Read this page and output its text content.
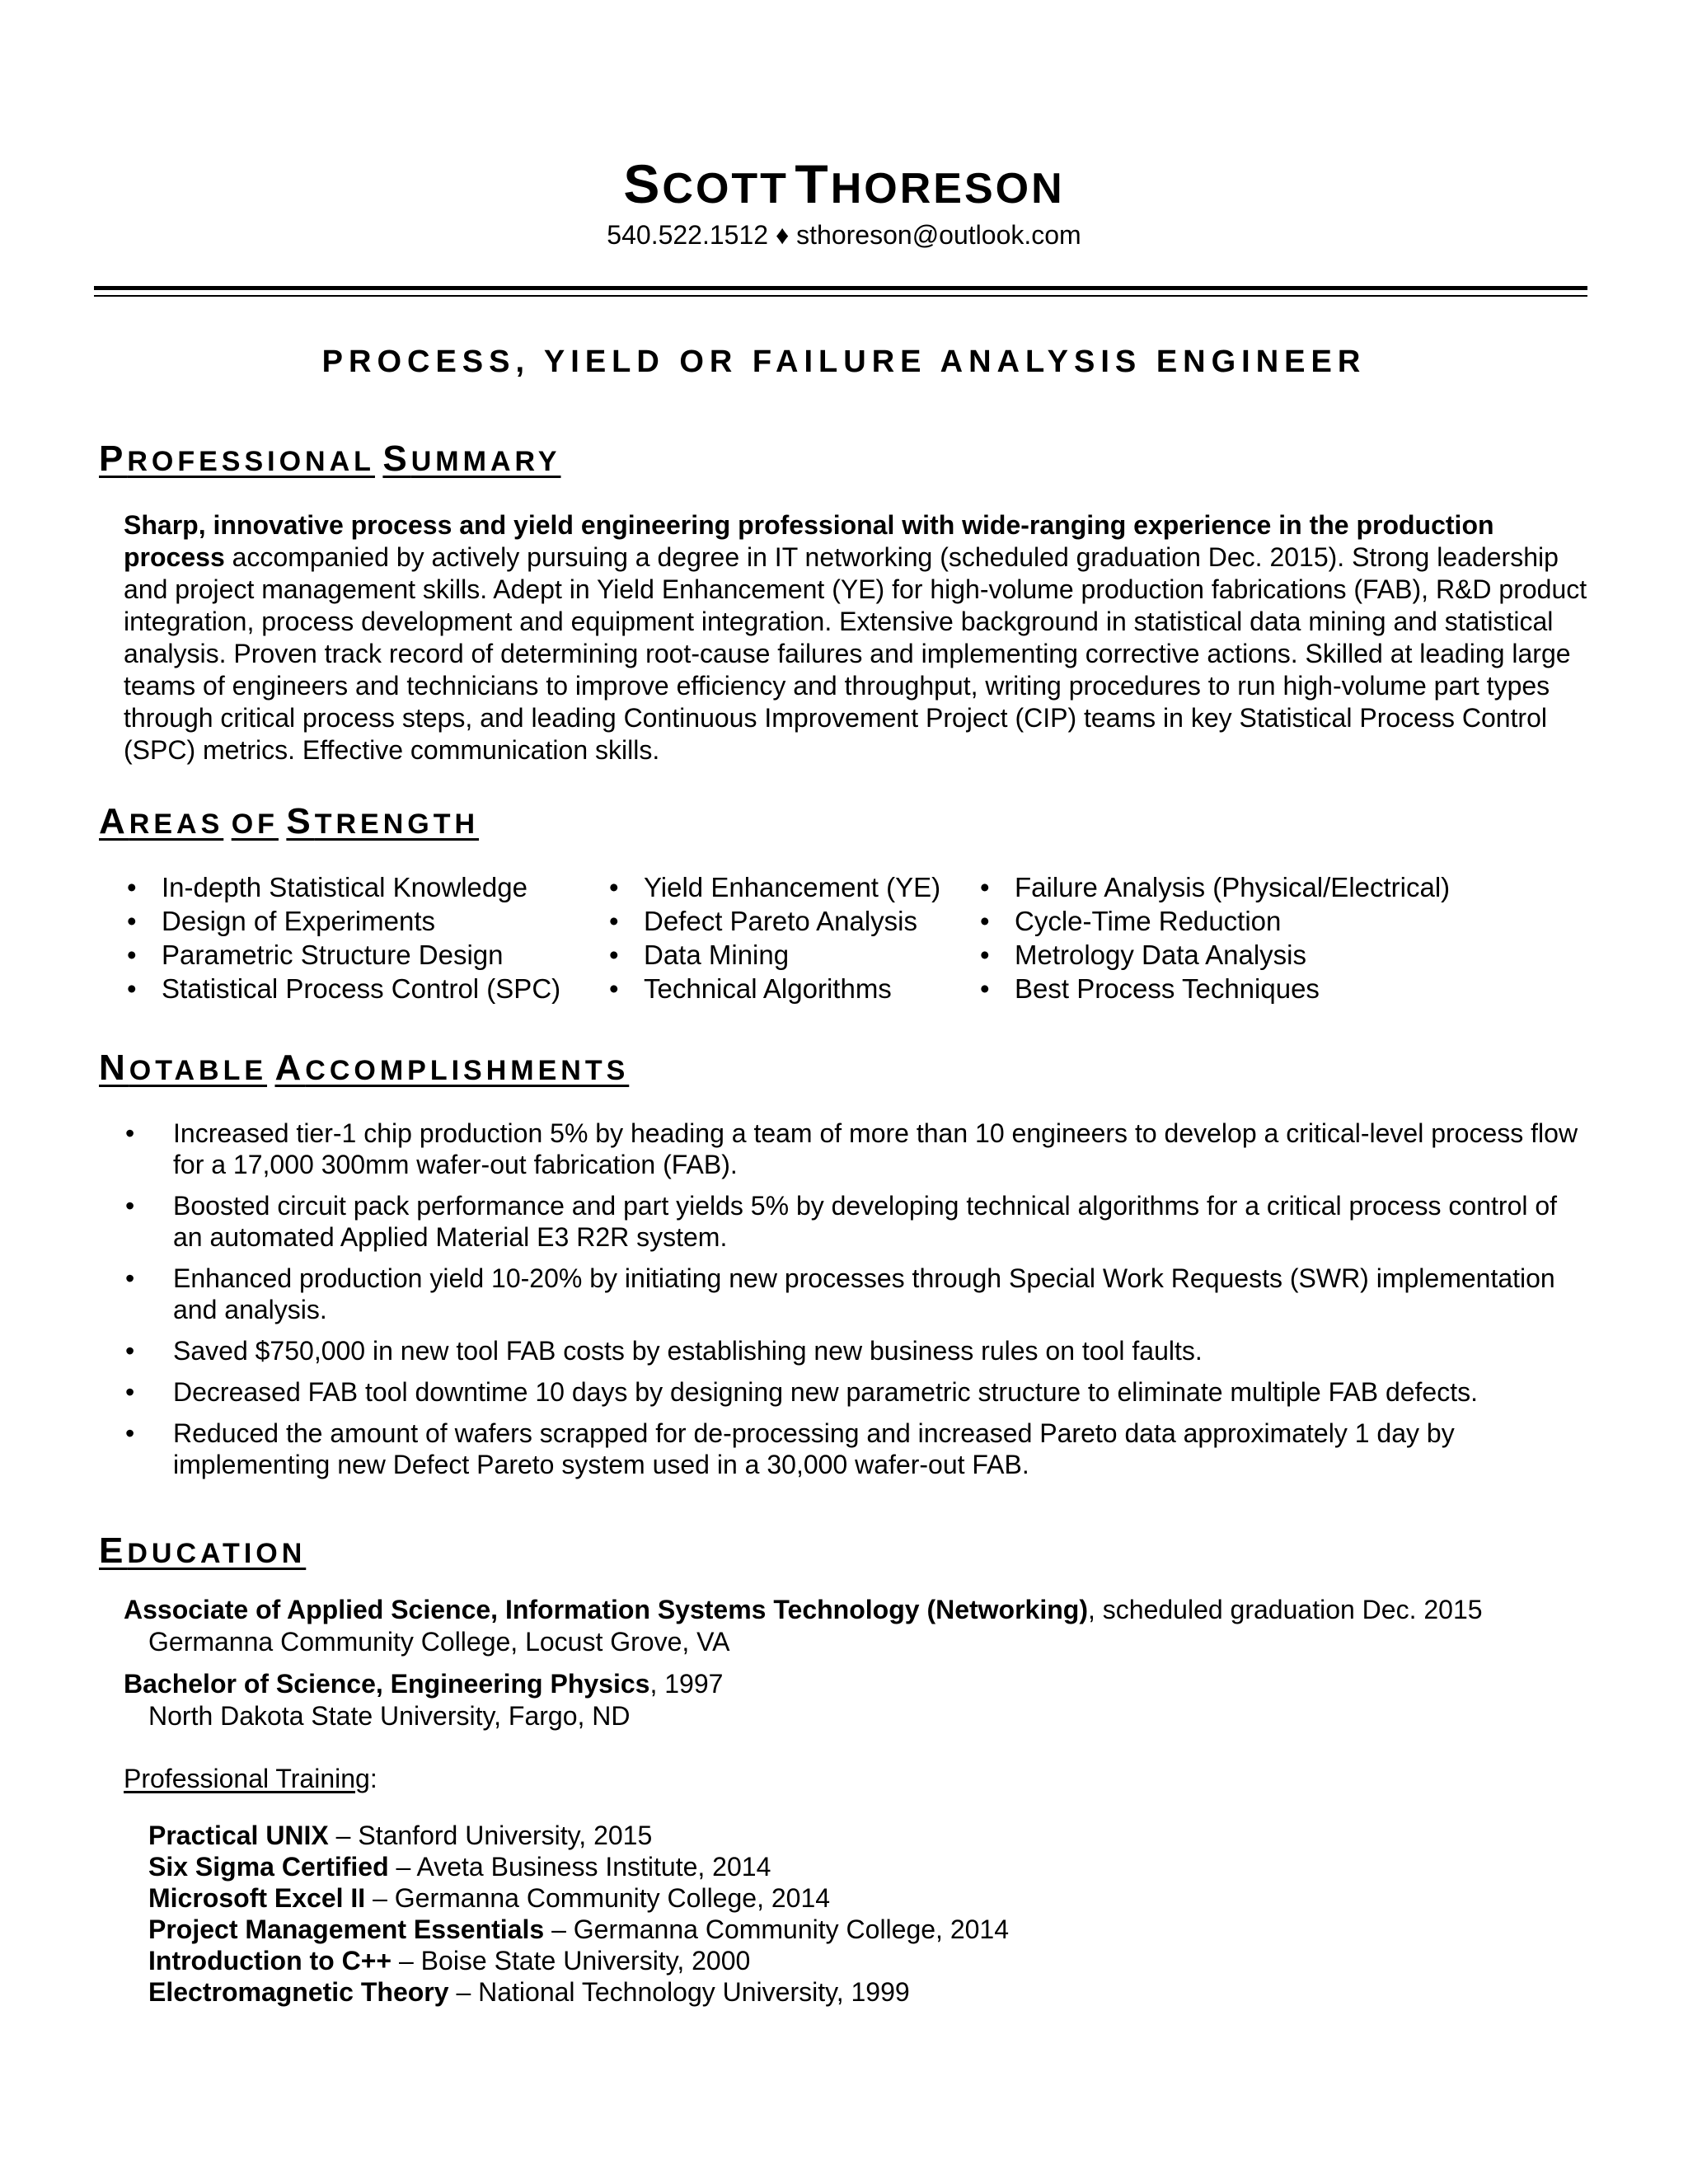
SCOTT THORESON
540.522.1512 ♦ sthoreson@outlook.com
PROCESS, YIELD OR FAILURE ANALYSIS ENGINEER
PROFESSIONAL SUMMARY
Sharp, innovative process and yield engineering professional with wide-ranging experience in the production process accompanied by actively pursuing a degree in IT networking (scheduled graduation Dec. 2015). Strong leadership and project management skills. Adept in Yield Enhancement (YE) for high-volume production fabrications (FAB), R&D product integration, process development and equipment integration. Extensive background in statistical data mining and statistical analysis. Proven track record of determining root-cause failures and implementing corrective actions. Skilled at leading large teams of engineers and technicians to improve efficiency and throughput, writing procedures to run high-volume part types through critical process steps, and leading Continuous Improvement Project (CIP) teams in key Statistical Process Control (SPC) metrics. Effective communication skills.
AREAS OF STRENGTH
• In-depth Statistical Knowledge
• Design of Experiments
• Parametric Structure Design
• Statistical Process Control (SPC)
• Yield Enhancement (YE)
• Defect Pareto Analysis
• Data Mining
• Technical Algorithms
• Failure Analysis (Physical/Electrical)
• Cycle-Time Reduction
• Metrology Data Analysis
• Best Process Techniques
NOTABLE ACCOMPLISHMENTS
• Increased tier-1 chip production 5% by heading a team of more than 10 engineers to develop a critical-level process flow for a 17,000 300mm wafer-out fabrication (FAB).
• Boosted circuit pack performance and part yields 5% by developing technical algorithms for a critical process control of an automated Applied Material E3 R2R system.
• Enhanced production yield 10-20% by initiating new processes through Special Work Requests (SWR) implementation and analysis.
• Saved $750,000 in new tool FAB costs by establishing new business rules on tool faults.
• Decreased FAB tool downtime 10 days by designing new parametric structure to eliminate multiple FAB defects.
• Reduced the amount of wafers scrapped for de-processing and increased Pareto data approximately 1 day by implementing new Defect Pareto system used in a 30,000 wafer-out FAB.
EDUCATION
Associate of Applied Science, Information Systems Technology (Networking), scheduled graduation Dec. 2015
Germanna Community College, Locust Grove, VA
Bachelor of Science, Engineering Physics, 1997
North Dakota State University, Fargo, ND
Professional Training:
Practical UNIX – Stanford University, 2015
Six Sigma Certified – Aveta Business Institute, 2014
Microsoft Excel II – Germanna Community College, 2014
Project Management Essentials – Germanna Community College, 2014
Introduction to C++ – Boise State University, 2000
Electromagnetic Theory – National Technology University, 1999
